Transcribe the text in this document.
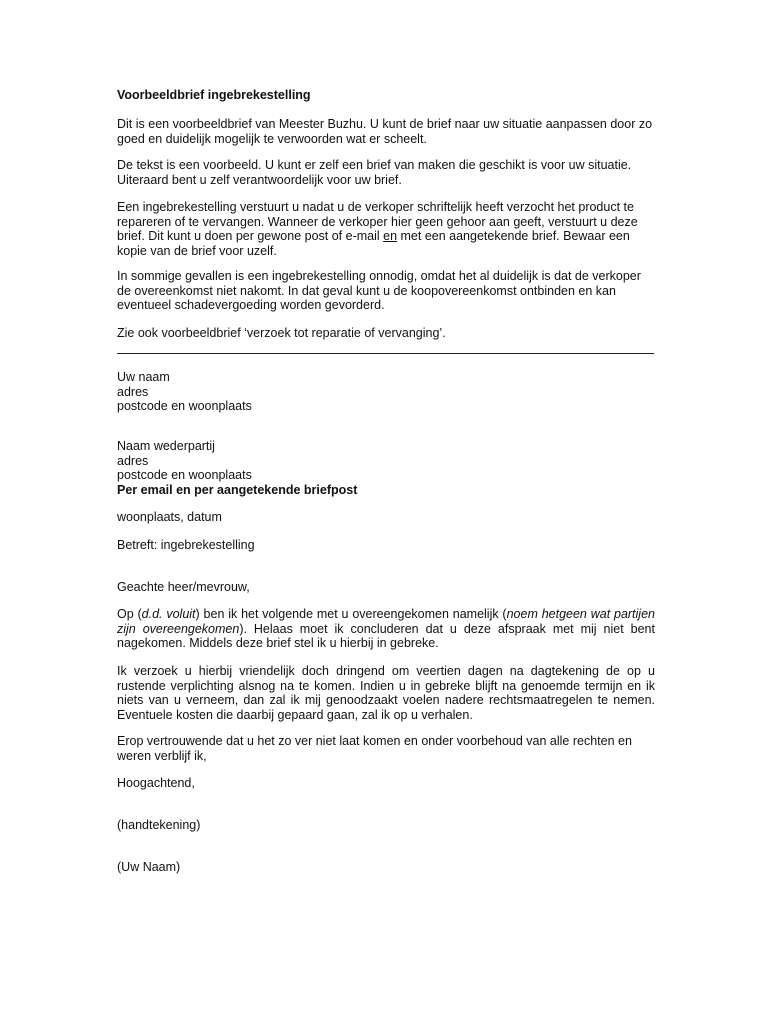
Voorbeeldbrief ingebrekestelling

Dit is een voorbeeldbrief van Meester Buzhu. U kunt de brief naar uw situatie aanpassen door zo goed en duidelijk mogelijk te verwoorden wat er scheelt.

De tekst is een voorbeeld. U kunt er zelf een brief van maken die geschikt is voor uw situatie. Uiteraard bent u zelf verantwoordelijk voor uw brief.

Een ingebrekestelling verstuurt u nadat u de verkoper schriftelijk heeft verzocht het product te repareren of te vervangen. Wanneer de verkoper hier geen gehoor aan geeft, verstuurt u deze brief. Dit kunt u doen per gewone post of e-mail en met een aangetekende brief. Bewaar een kopie van de brief voor uzelf.

In sommige gevallen is een ingebrekestelling onnodig, omdat het al duidelijk is dat de verkoper de overeenkomst niet nakomt. In dat geval kunt u de koopovereenkomst ontbinden en kan eventueel schadevergoeding worden gevorderd.

Zie ook voorbeeldbrief ‘verzoek tot reparatie of vervanging’.

Uw naam
adres
postcode en woonplaats

Naam wederpartij
adres
postcode en woonplaats
Per email en per aangetekende briefpost

woonplaats, datum

Betreft: ingebrekestelling

Geachte heer/mevrouw,

Op (d.d. voluit) ben ik het volgende met u overeengekomen namelijk (noem hetgeen wat partijen zijn overeengekomen). Helaas moet ik concluderen dat u deze afspraak met mij niet bent nagekomen. Middels deze brief stel ik u hierbij in gebreke.

Ik verzoek u hierbij vriendelijk doch dringend om veertien dagen na dagtekening de op u rustende verplichting alsnog na te komen. Indien u in gebreke blijft na genoemde termijn en ik niets van u verneem, dan zal ik mij genoodzaakt voelen nadere rechtsmaatregelen te nemen. Eventuele kosten die daarbij gepaard gaan, zal ik op u verhalen.

Erop vertrouwende dat u het zo ver niet laat komen en onder voorbehoud van alle rechten en weren verblijf ik,

Hoogachtend,

(handtekening)

(Uw Naam)
